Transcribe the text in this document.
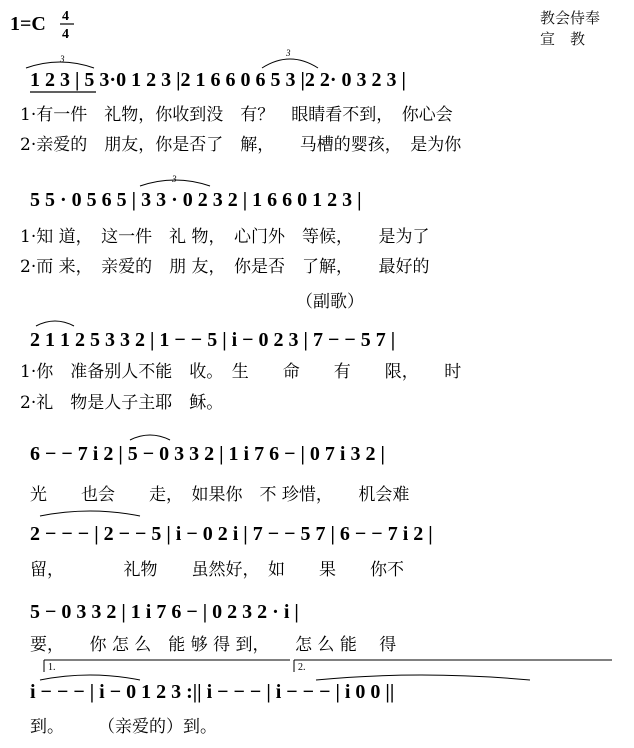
1=C 4
4
教会侍奉
宣　教
3
3
1 2 3 | 5 3·0 1 2 3 |2 1 6 6 0 6 5 3 |2 2· 0 3 2 3 |
1·有一件　礼物，你收到没　有？　眼睛看不到，　你心会
2·亲爱的　朋友，你是否了　解，　　马槽的婴孩，　是为你
3
5 5 · 0 5 6 5 | 3 3 · 0 2 3 2 | 1 6 6 0 1 2 3 |
1·知 道，　这一件　礼 物，　心门外　等候，　　是为了
2·而 来，　亲爱的　朋 友，　你是否　了解，　　最好的
（副歌）
2 1 1 2 5 3 3 2 | 1 − − 5 | i − 0 2 3 | 7 − − 5 7 |
1·你　准备别人不能　收。　生　　命　　有　　限，　　时
2·礼　物是人子主耶　稣。
6 − − 7 i 2 | 5 − 0 3 3 2 | 1 i 7 6 − | 0 7 i 3 2 |
光　　也会　　走，　如果你　不 珍惜，　　机会难
2 − − − | 2 − − 5 | i − 0 2 i | 7 − − 5 7 | 6 − − 7 i 2 |
留，　　　　礼物　　虽然好，　如　　果　　你不
5 − 0 3 3 2 | 1 i 7 6 − | 0 2 3 2 · i |
要，　　你 怎 么　能 够 得 到，　　怎 么 能　 得
1.	2.
i − − − | i − 0 1 2 3 :|| i − − − | i − − − | i 0 0 ||
到。　　　（亲爱的）到。
